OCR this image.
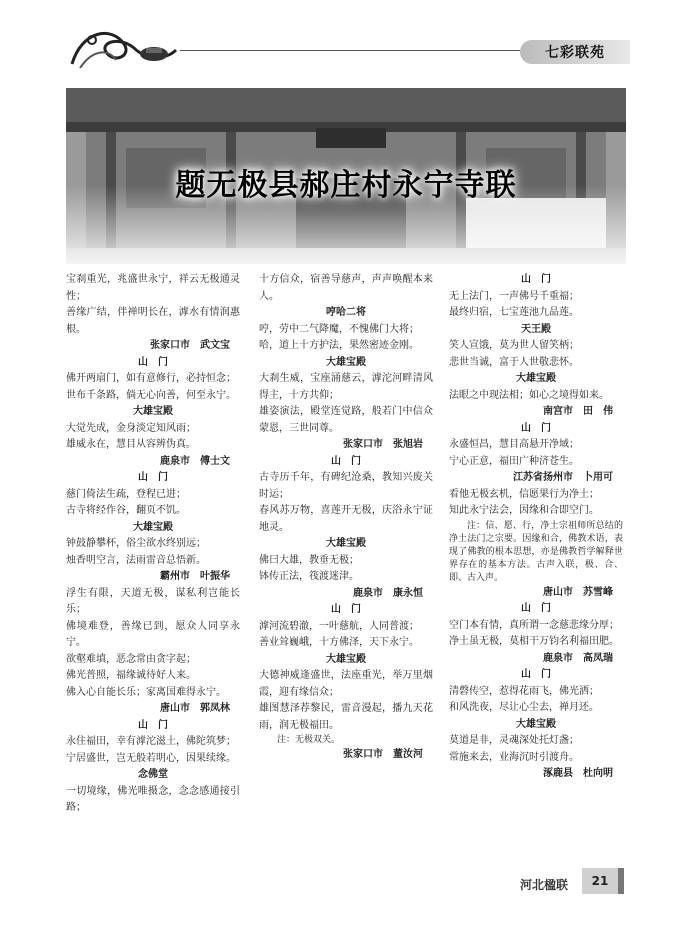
七彩联苑
题无极县郝庄村永宁寺联

宝刹重光，兆盛世永宁，祥云无极通灵性；

善缘广结，伴禅明长在，滹水有情润惠根。

张家口市　武文宝

山　门

佛开两扇门，如有意修行，必持恒念；

世布千条路，倘无心向善，何至永宁。

大雄宝殿

大觉先成，金身淡定知风雨；

雄威永在，慧目从容辨伪真。

鹿泉市　傅士文

山　门

慈门倚法生疏，登程已进；

古寺将经作谷，翻页不饥。

大雄宝殿

钟鼓静攀杯，俗尘欲水终别远；

烛香明空言，法雨雷音总悟新。

霸州市　叶振华

浮生有限，天道无极，谋私利岂能长乐；

佛境难登，善缘已到，愿众人同享永宁。

欲壑难填，恶念常由贪字起；

佛光普照，福缘诚待好人来。

佛入心自能长乐；家离国难得永宁。

唐山市　郭凤林

山　门

永住福田，幸有滹沱滋土，佛陀筑梦；

宁居盛世，岂无般若明心，因果续缘。

念佛堂

一切境缘，佛光唯摄念，念念感通接引路；

十方信众，宿善导慈声，声声唤醒本来人。

哼哈二将

哼，劳中二气降魔，不愧佛门大将；

哈，道上十方护法，果然密迹金刚。

大雄宝殿

大刹生威，宝座涌慈云，滹沱河畔清风得主，十方共仰；

雄姿演法，殿堂连觉路，般若门中信众蒙恩，三世同尊。

张家口市　张旭岩

山　门

古寺历千年，有碑纪沧桑，教知兴废关时运；

春风苏万物，喜莲开无极，庆浴永宁证地灵。

大雄宝殿

佛曰大雄，教垂无极；

钵传正法，筏渡迷津。

鹿泉市　康永恒

山　门

滹河流碧澈，一叶慈航，人同普渡；

善业耸巍峨，十方佛泽，天下永宁。

大雄宝殿

大德神威逢盛世，法座重光，举万里烟霞，迎有缘信众；

雄图慧泽荐黎民，雷音漫起，播九天花雨，润无极福田。

注：无极双关。

张家口市　董汝河

山　门

无上法门，一声佛号千重福；

最终归宿，七宝莲池九品莲。

天王殿

笑人宣饿，莫为世人留笑柄；

悲世当诚，富于人世敬悲怀。

大雄宝殿

法眼之中现法相；如心之境得如来。

南宫市　田　伟

山　门

永盛恒昌，慧目高悬开净域；

宁心正意，福田广种济苍生。

江苏省扬州市　卜用可

看他无极玄机，信愿果行为净土；

知此永宁法会，因缘和合即空门。

注：信、愿、行，净土宗祖师所总结的净土法门之宗要。因缘和合，佛教术语，表现了佛教的根本思想，亦是佛教哲学解释世界存在的基本方法。古声入联，极、合、即、古入声。

唐山市　苏雪峰

山　门

空门本有情，真所谓一念慈悲缘分厚；

净土虽无极，莫相干万钧名利福田肥。

鹿泉市　高凤瑞

山　门

清磬传空，惹得花雨飞，佛光洒；

和风洗夜，尽让心尘去，禅月还。

大雄宝殿

莫道是非，灵魂深处托灯盏；

常施来去，业海沉时引渡舟。

涿鹿县　杜向明

河北楹联	21
